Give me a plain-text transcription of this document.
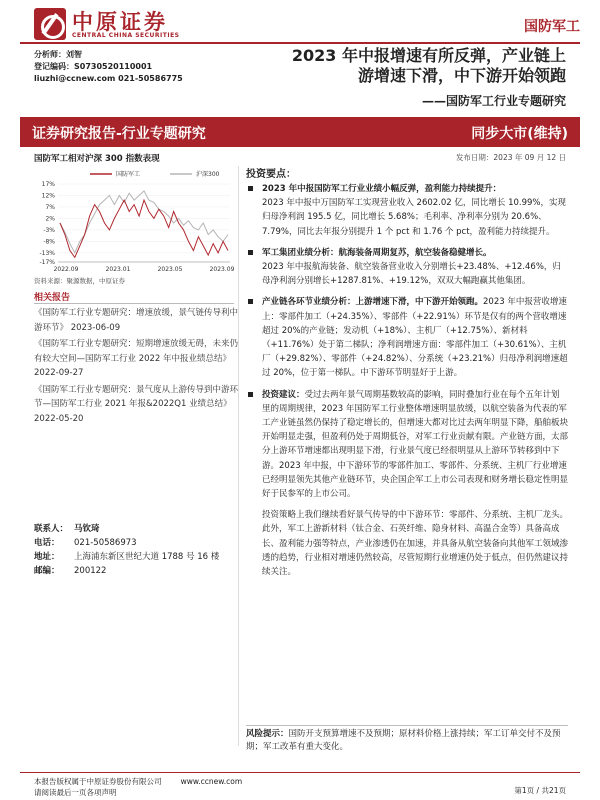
中原证券
CENTRAL CHINA SECURITIES
国防军工
分析师：刘智
登记编码：S0730520110001
liuzhi@ccnew.com 021-50586775
2023 年中报增速有所反弹，产业链上
游增速下滑，中下游开始领跑
——国防军工行业专题研究
证券研究报告-行业专题研究	同步大市(维持)
国防军工相对沪深 300 指数表现	发布日期：2023 年 09 月 12 日
国防军工	沪深300
17%
12%
7%
2%
-3%
-8%
-13%
-17%
2022.09	2023.01	2023.05	2023.09
资料来源：聚源数据，中原证券
相关报告
《国防军工行业专题研究：增速放缓，景气链传导利中游环节》 2023-06-09
《国防军工行业专题研究：短期增速放缓无碍，未来仍有较大空间—国防军工行业 2022 年中报业绩总结》 2022-09-27
《国防军工行业专题研究：景气度从上游传导到中游环节—国防军工行业 2021 年报&2022Q1 业绩总结》 2022-05-20
联系人： 马钦琦
电话：	021-50586973
地址：	上海浦东新区世纪大道 1788 号 16 楼
邮编：	200122
投资要点：
2023 年中报国防军工行业业绩小幅反弹，盈利能力持续提升：
2023 年中报中万国防军工实现营业收入 2602.02 亿，同比增长 10.99%，实现归母净利润 195.5 亿，同比增长 5.68%；毛利率、净利率分别为 20.6%、7.79%，同比去年报分别提升 1 个 pct 和 1.76 个 pct，盈利能力持续提升。
军工集团业绩分析：航海装备周期复苏，航空装备稳健增长。
2023 年中报航海装备、航空装备营业收入分别增长+23.48%、+12.46%，归母净利润分别增长+1287.81%、+19.12%，双双大幅跑赢其他集团。
产业链各环节业绩分析：上游增速下滑，中下游开始领跑。2023 年中报营收增速上：零部件加工（+24.35%）、零部件（+22.91%）环节是仅有的两个营收增速超过 20%的产业链；发动机（+18%）、主机厂（+12.75%）、新材料（+11.76%）处于第二梯队；净利润增速方面：零部件加工（+30.61%）、主机厂（+29.82%）、零部件（+24.82%）、分系统（+23.21%）归母净利润增速超过 20%，位于第一梯队。中下游环节明显好于上游。
投资建议：受过去两年景气周期基数较高的影响，同时叠加行业在每个五年计划里的周期规律，2023 年国防军工行业整体增速明显放缓，以航空装备为代表的军工产业链虽然仍保持了稳定增长的，但增速大都对比过去两年明显下降，船舶板块开始明显走强，但盈利仍处于周期低谷，对军工行业贡献有限。产业链方面，太部分上游环节增速都出现明显下滑，行业景气度已经很明显从上游环节转移到中下游。2023 年中报，中下游环节的零部件加工、零部件、分系统、主机厂行业增速已经明显领先其他产业链环节，央企国企军工上市公司表现和财务增长稳定性明显好于民参军的上市公司。
投资策略上我们继续看好景气传导的中下游环节：零部件、分系统、主机厂龙头。此外，军工上游新材料（钛合金、石英纤维、隐身材料、高温合金等）具备高成长、盈利能力强等特点，产业渗透仍在加速，并具备从航空装备向其他军工领域渗透的趋势，行业相对增速仍然较高，尽管短期行业增速仍处于低点，但仍然建议持续关注。
风险提示：国防开支预算增速不及预期；原材料价格上涨持续；军工订单交付不及预期；军工改革有重大变化。
本报告版权属于中原证券股份有限公司	www.ccnew.com
请阅读最后一页各项声明	第1页 / 共21页
